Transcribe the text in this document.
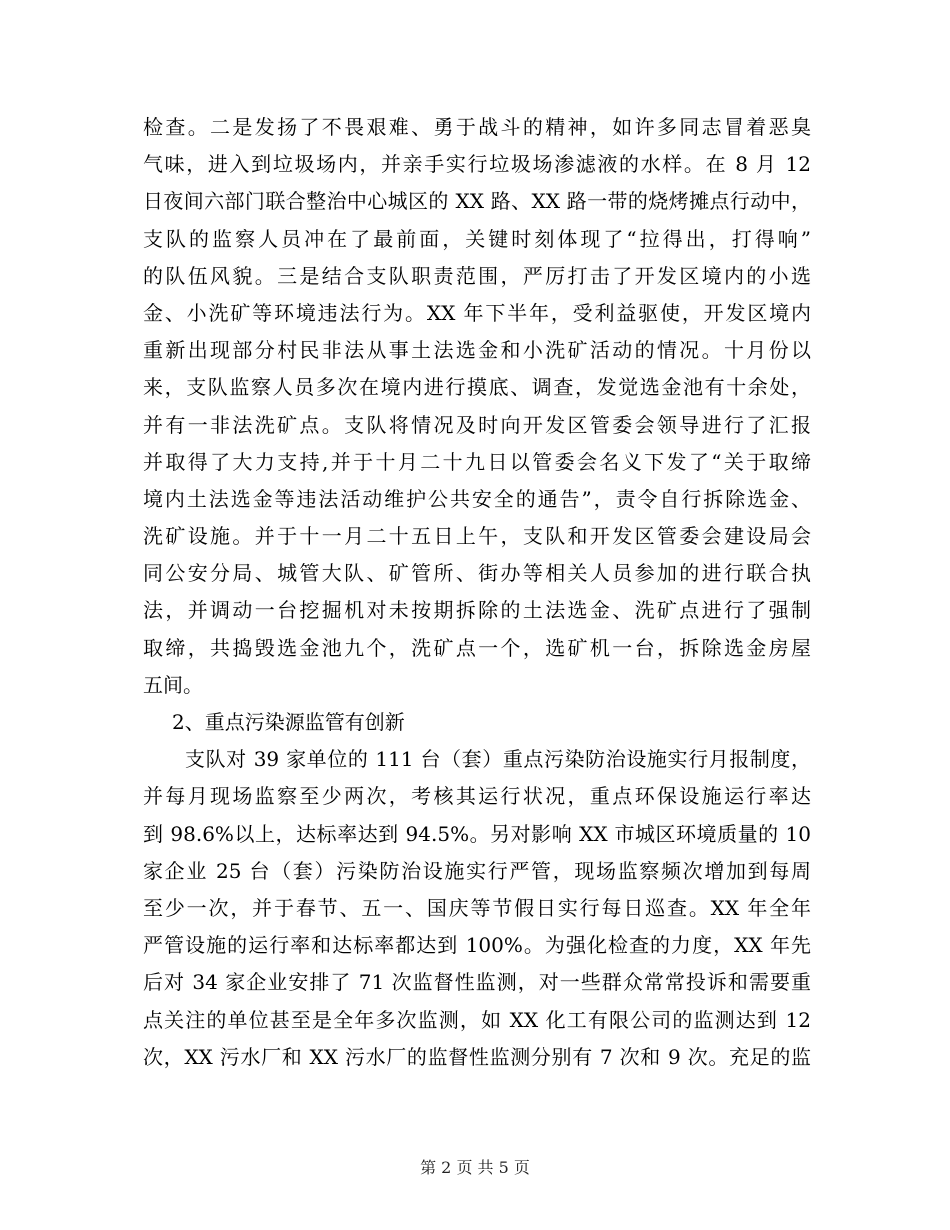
检查。二是发扬了不畏艰难、勇于战斗的精神，如许多同志冒着恶臭
气味，进入到垃圾场内，并亲手实行垃圾场渗滤液的水样。在 8 月 12
日夜间六部门联合整治中心城区的 XX 路、XX 路一带的烧烤摊点行动中，
支队的监察人员冲在了最前面，关键时刻体现了“拉得出，打得响”
的队伍风貌。三是结合支队职责范围，严厉打击了开发区境内的小选
金、小洗矿等环境违法行为。XX 年下半年，受利益驱使，开发区境内
重新出现部分村民非法从事土法选金和小洗矿活动的情况。十月份以
来，支队监察人员多次在境内进行摸底、调查，发觉选金池有十余处，
并有一非法洗矿点。支队将情况及时向开发区管委会领导进行了汇报
并取得了大力支持,并于十月二十九日以管委会名义下发了“关于取缔
境内土法选金等违法活动维护公共安全的通告”，责令自行拆除选金、
洗矿设施。并于十一月二十五日上午，支队和开发区管委会建设局会
同公安分局、城管大队、矿管所、街办等相关人员参加的进行联合执
法，并调动一台挖掘机对未按期拆除的土法选金、洗矿点进行了强制
取缔，共捣毁选金池九个，洗矿点一个，选矿机一台，拆除选金房屋
五间。
2、重点污染源监管有创新
支队对 39 家单位的 111 台（套）重点污染防治设施实行月报制度，
并每月现场监察至少两次，考核其运行状况，重点环保设施运行率达
到 98.6%以上，达标率达到 94.5%。另对影响 XX 市城区环境质量的 10
家企业 25 台（套）污染防治设施实行严管，现场监察频次增加到每周
至少一次，并于春节、五一、国庆等节假日实行每日巡查。XX 年全年
严管设施的运行率和达标率都达到 100%。为强化检查的力度，XX 年先
后对 34 家企业安排了 71 次监督性监测，对一些群众常常投诉和需要重
点关注的单位甚至是全年多次监测，如 XX 化工有限公司的监测达到 12
次，XX 污水厂和 XX 污水厂的监督性监测分别有 7 次和 9 次。充足的监
第 2 页 共 5 页
